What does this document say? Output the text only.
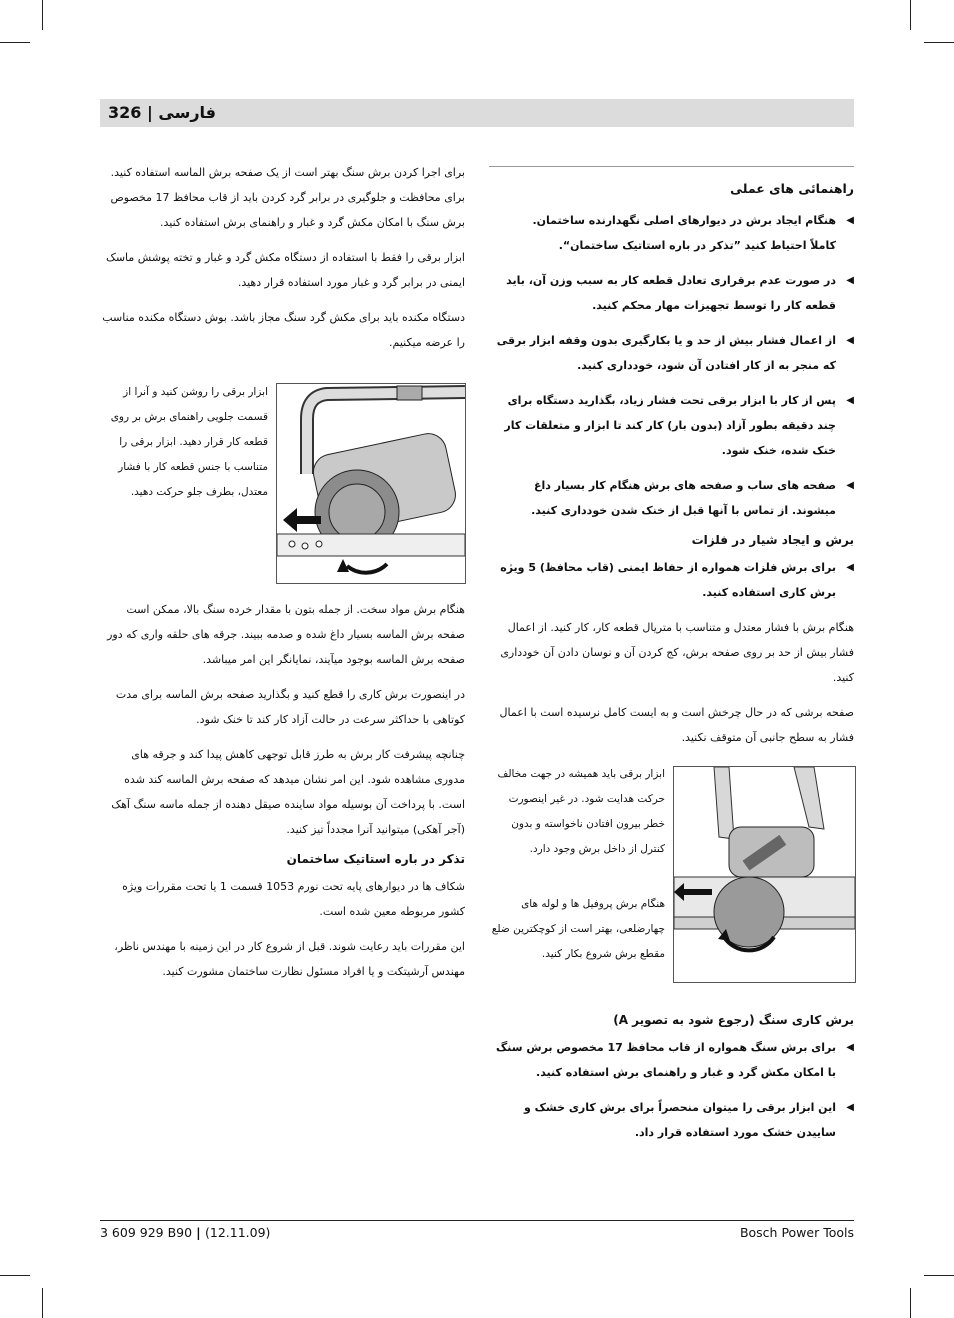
326 | فارسی
راهنمائی های عملی
◀ هنگام ایجاد برش در دیوارهای اصلی نگهدارنده ساختمان.
کاملاً احتیاط کنید ”تذکر در باره استاتیک ساختمان“.
◀ در صورت عدم برقراری تعادل قطعه کار به سبب وزن آن، باید قطعه کار را توسط تجهیزات مهار محکم کنید.
◀ از اعمال فشار بیش از حد و یا بکارگیری بدون وقفه ابزار برقی که منجر به از کار افتادن آن شود، خودداری کنید.
◀ پس از کار با ابزار برقی تحت فشار زیاد، بگذارید دستگاه برای چند دقیقه بطور آزاد (بدون بار) کار کند تا ابزار و متعلقات کار خنک شده، خنک شود.
◀ صفحه های ساب و صفحه های برش هنگام کار بسیار داغ میشوند. از تماس با آنها قبل از خنک شدن خودداری کنید.
برش و ایجاد شیار در فلزات
◀ برای برش فلزات همواره از حفاظ ایمنی (قاب محافظ) 5 ویژه برش کاری استفاده کنید.
هنگام برش با فشار معتدل و متناسب با متریال قطعه کار، کار کنید. از اعمال فشار بیش از حد بر روی صفحه برش، کج کردن آن و نوسان دادن آن خودداری کنید.
صفحه برشی که در حال چرخش است و به ایست کامل نرسیده است با اعمال فشار به سطح جانبی آن متوقف نکنید.
ابزار برقی باید همیشه در جهت مخالف حرکت هدایت شود. در غیر اینصورت خطر بیرون افتادن ناخواسته و بدون کنترل از داخل برش وجود دارد.
هنگام برش پروفیل ها و لوله های چهارضلعی، بهتر است از کوچکترین ضلع مقطع برش شروع بکار کنید.
برش کاری سنگ (رجوع شود به تصویر A)
◀ برای برش سنگ همواره از قاب محافظ 17 مخصوص برش سنگ با امکان مکش گرد و غبار و راهنمای برش استفاده کنید.
◀ این ابزار برقی را میتوان منحصراً برای برش کاری خشک و ساییدن خشک مورد استفاده قرار داد.
برای اجرا کردن برش سنگ بهتر است از یک صفحه برش الماسه استفاده کنید. برای محافظت و جلوگیری در برابر گرد کردن باید از قاب محافظ 17 مخصوص برش سنگ با امکان مکش گرد و غبار و راهنمای برش استفاده کنید.
ابزار برقی را فقط با استفاده از دستگاه مکش گرد و غبار و تخته پوشش ماسک ایمنی در برابر گرد و غبار مورد استفاده قرار دهید.
دستگاه مکنده باید برای مکش گرد سنگ مجاز باشد. بوش دستگاه مکنده مناسب را عرضه میکنیم.
ابزار برقی را روشن کنید و آنرا از قسمت جلویی راهنمای برش بر روی قطعه کار قرار دهید. ابزار برقی را متناسب با جنس قطعه کار با فشار معتدل، بطرف جلو حرکت دهید.
هنگام برش مواد سخت. از جمله بتون با مقدار خرده سنگ بالا، ممکن است صفحه برش الماسه بسیار داغ شده و صدمه ببیند. جرقه های حلقه واری که دور صفحه برش الماسه بوجود میآیند، نمایانگر این امر میباشد.
در اینصورت برش کاری را قطع کنید و بگذارید صفحه برش الماسه برای مدت کوتاهی با حداکثر سرعت در حالت آزاد کار کند تا خنک شود.
چنانچه پیشرفت کار برش به طرز قابل توجهی کاهش پیدا کند و جرقه های مدوری مشاهده شود. این امر نشان میدهد که صفحه برش الماسه کند شده است. با پرداخت آن بوسیله مواد ساینده صیقل دهنده از جمله ماسه سنگ آهک (آجر آهکی) میتوانید آنرا مجدداً تیز کنید.
تذکر در باره استاتیک ساختمان
شکاف ها در دیوارهای پایه تحت نورم 1053 قسمت 1 یا تحت مقررات ویژه کشور مربوطه معین شده است.
این مقررات باید رعایت شوند. قبل از شروع کار در این زمینه با مهندس ناظر، مهندس آرشیتکت و یا افراد مسئول نظارت ساختمان مشورت کنید.
3 609 929 B90 | (12.11.09)	Bosch Power Tools
